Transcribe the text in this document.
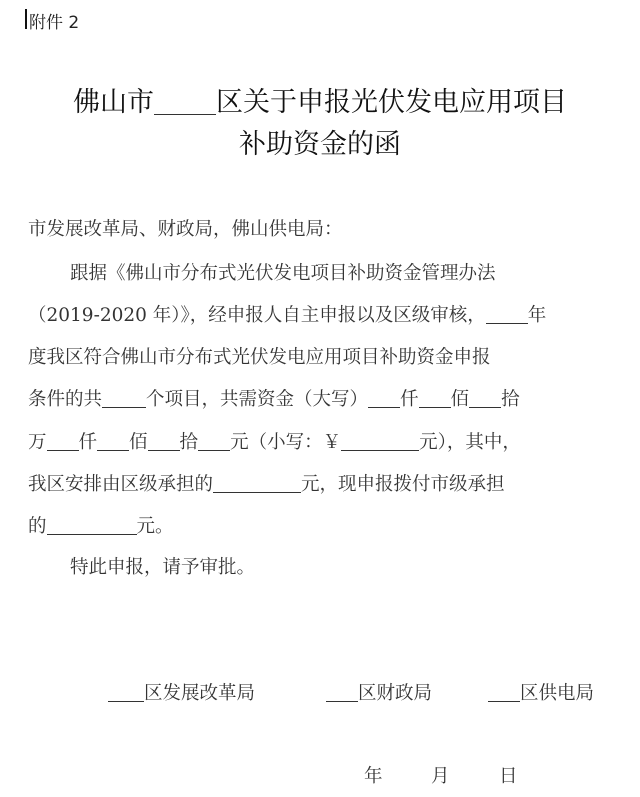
附件 2
佛山市 区关于申报光伏发电应用项目
补助资金的函
市发展改革局、财政局，佛山供电局：
跟据《佛山市分布式光伏发电项目补助资金管理办法
（2019-2020 年）》，经申报人自主申报以及区级审核， 年
度我区符合佛山市分布式光伏发电应用项目补助资金申报
条件的共 个项目，共需资金（大写） 仟 佰 拾
万 仟 佰 拾 元（小写：￥	元），其中，
我区安排由区级承担的	元，现申报拨付市级承担
的	元。
特此申报，请予审批。
区发展改革局	区财政局	区供电局
年	月	日
